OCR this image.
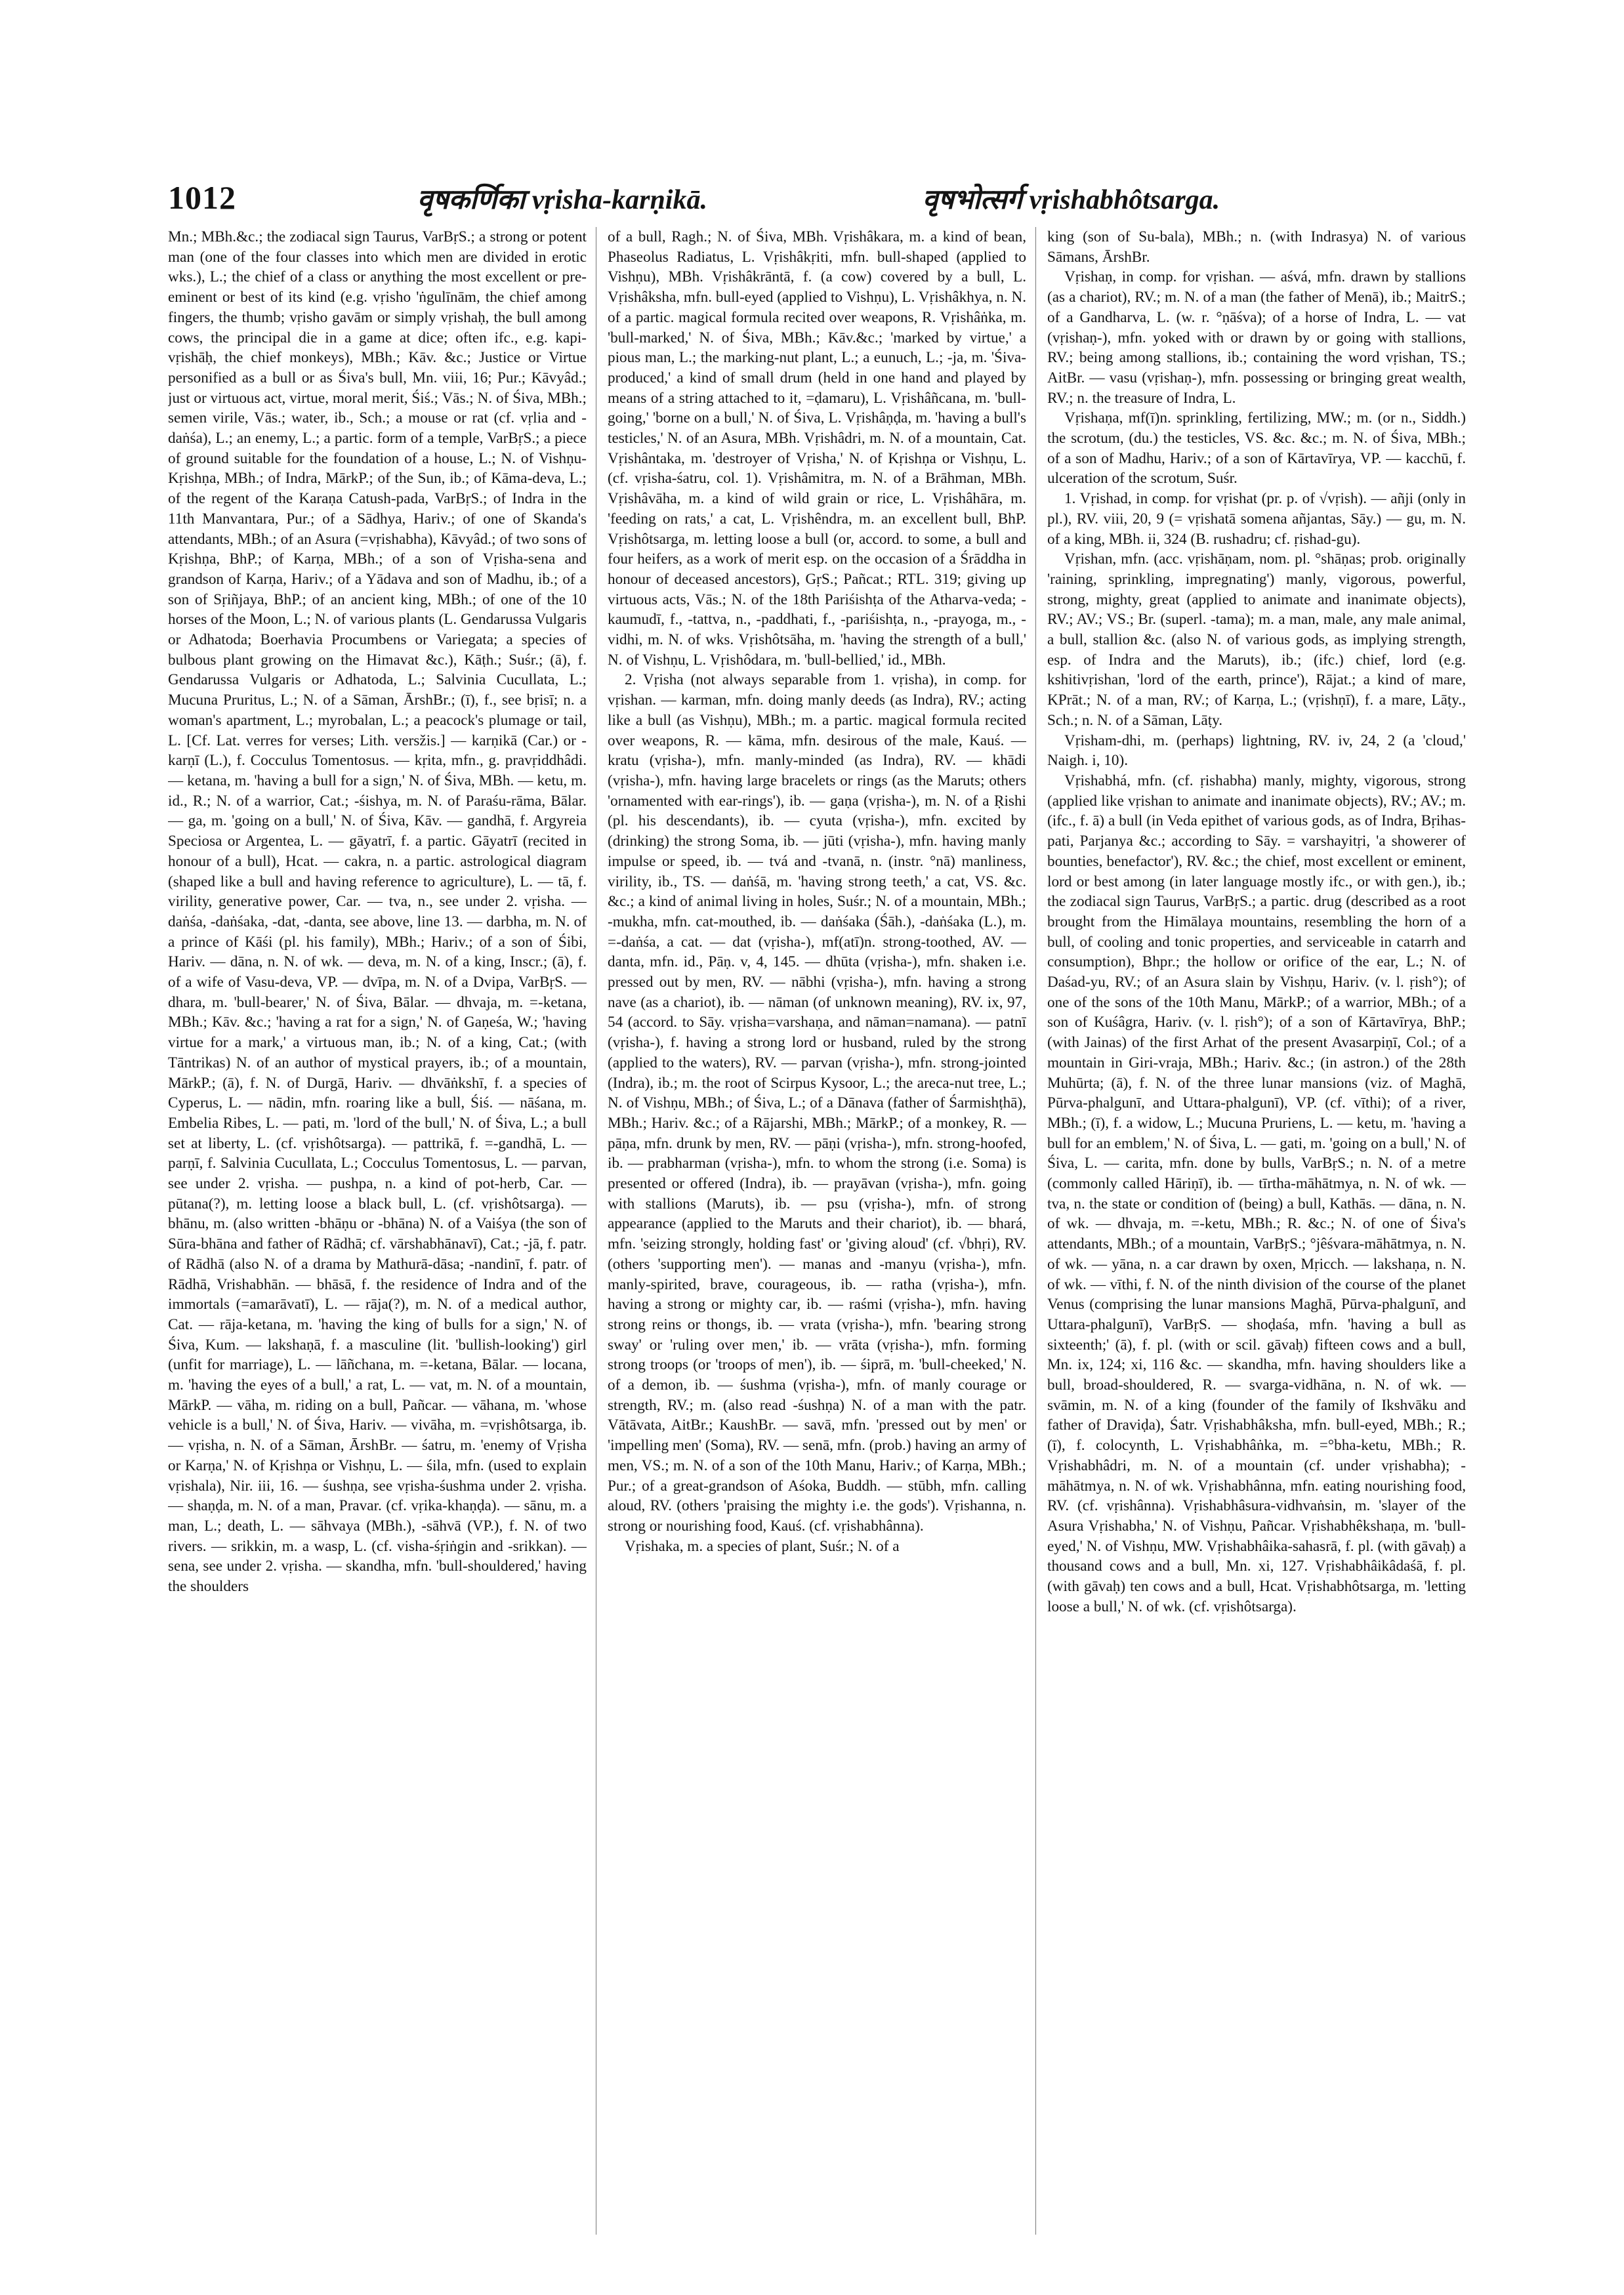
1012	वृषकर्णिका vṛisha-karṇikā.	वृषभोत्सर्ग vṛishabhôtsarga.

Mn.; MBh.&c.; the zodiacal sign Taurus, VarBṛS.; a strong or potent man (one of the four classes into which men are divided in erotic wks.), L.; the chief of a class or anything the most excellent or pre-eminent or best of its kind (e.g. vṛisho 'ṅgulīnām, the chief among fingers, the thumb; vṛisho gavām or simply vṛishaḥ, the bull among cows, the principal die in a game at dice; often ifc., e.g. kapi-vṛishāḥ, the chief monkeys), MBh.; Kāv. &c.; Justice or Virtue personified as a bull or as Śiva's bull, Mn. viii, 16; Pur.; Kāvyâd.; just or virtuous act, virtue, moral merit, Śiś.; Vās.; N. of Śiva, MBh.; semen virile, Vās.; water, ib., Sch.; a mouse or rat (cf. vṛlia and -daṅśa), L.; an enemy, L.; a partic. form of a temple, VarBṛS.; a piece of ground suitable for the foundation of a house, L.; N. of Vishṇu-Kṛishṇa, MBh.; of Indra, MārkP.; of the Sun, ib.; of Kāma-deva, L.; of the regent of the Karaṇa Catush-pada, VarBṛS.; of Indra in the 11th Manvantara, Pur.; of a Sādhya, Hariv.; of one of Skanda's attendants, MBh.; of an Asura (=vṛishabha), Kāvyâd.; of two sons of Kṛishṇa, BhP.; of Karṇa, MBh.; of a son of Vṛisha-sena and grandson of Karṇa, Hariv.; of a Yādava and son of Madhu, ib.; of a son of Sṛiñjaya, BhP.; of an ancient king, MBh.; of one of the 10 horses of the Moon, L.; N. of various plants (L. Gendarussa Vulgaris or Adhatoda; Boerhavia Procumbens or Variegata; a species of bulbous plant growing on the Himavat &c.), Kāṭh.; Suśr.; (ā), f. Gendarussa Vulgaris or Adhatoda, L.; Salvinia Cucullata, L.; Mucuna Pruritus, L.; N. of a Sāman, ĀrshBr.; (ī), f., see bṛisī; n. a woman's apartment, L.; myrobalan, L.; a peacock's plumage or tail, L. [Cf. Lat. verres for verses; Lith. versžis.] — karṇikā (Car.) or -karṇī (L.), f. Cocculus Tomentosus. — kṛita, mfn., g. pravṛiddhâdi. — ketana, m. 'having a bull for a sign,' N. of Śiva, MBh. — ketu, m. id., R.; N. of a warrior, Cat.; -śishya, m. N. of Paraśu-rāma, Bālar. — ga, m. 'going on a bull,' N. of Śiva, Kāv. — gandhā, f. Argyreia Speciosa or Argentea, L. — gāyatrī, f. a partic. Gāyatrī (recited in honour of a bull), Hcat. — cakra, n. a partic. astrological diagram (shaped like a bull and having reference to agriculture), L. — tā, f. virility, generative power, Car. — tva, n., see under 2. vṛisha. — daṅśa, -daṅśaka, -dat, -danta, see above, line 13. — darbha, m. N. of a prince of Kāśi (pl. his family), MBh.; Hariv.; of a son of Śibi, Hariv. — dāna, n. N. of wk. — deva, m. N. of a king, Inscr.; (ā), f. of a wife of Vasu-deva, VP. — dvīpa, m. N. of a Dvipa, VarBṛS. — dhara, m. 'bull-bearer,' N. of Śiva, Bālar. — dhvaja, m. =-ketana, MBh.; Kāv. &c.; 'having a rat for a sign,' N. of Gaṇeśa, W.; 'having virtue for a mark,' a virtuous man, ib.; N. of a king, Cat.; (with Tāntrikas) N. of an author of mystical prayers, ib.; of a mountain, MārkP.; (ā), f. N. of Durgā, Hariv. — dhvāṅkshī, f. a species of Cyperus, L. — nādin, mfn. roaring like a bull, Śiś. — nāśana, m. Embelia Ribes, L. — pati, m. 'lord of the bull,' N. of Śiva, L.; a bull set at liberty, L. (cf. vṛishôtsarga). — pattrikā, f. =-gandhā, L. — parṇī, f. Salvinia Cucullata, L.; Cocculus Tomentosus, L. — parvan, see under 2. vṛisha. — pushpa, n. a kind of pot-herb, Car. — pūtana(?), m. letting loose a black bull, L. (cf. vṛishôtsarga). — bhānu, m. (also written -bhāṇu or -bhāna) N. of a Vaiśya (the son of Sūra-bhāna and father of Rādhā; cf. vārshabhānavī), Cat.; -jā, f. patr. of Rādhā (also N. of a drama by Mathurā-dāsa; -nandinī, f. patr. of Rādhā, Vrishabhān. — bhāsā, f. the residence of Indra and of the immortals (=amarāvatī), L. — rāja(?), m. N. of a medical author, Cat. — rāja-ketana, m. 'having the king of bulls for a sign,' N. of Śiva, Kum. — lakshaṇā, f. a masculine (lit. 'bullish-looking') girl (unfit for marriage), L. — lāñchana, m. =-ketana, Bālar. — locana, m. 'having the eyes of a bull,' a rat, L. — vat, m. N. of a mountain, MārkP. — vāha, m. riding on a bull, Pañcar. — vāhana, m. 'whose vehicle is a bull,' N. of Śiva, Hariv. — vivāha, m. =vṛishôtsarga, ib. — vṛisha, n. N. of a Sāman, ĀrshBr. — śatru, m. 'enemy of Vṛisha or Karṇa,' N. of Kṛishṇa or Vishṇu, L. — śila, mfn. (used to explain vṛishala), Nir. iii, 16. — śushṇa, see vṛisha-śushma under 2. vṛisha. — shaṇḍa, m. N. of a man, Pravar. (cf. vṛika-khaṇḍa). — sānu, m. a man, L.; death, L. — sāhvaya (MBh.), -sāhvā (VP.), f. N. of two rivers. — srikkin, m. a wasp, L. (cf. visha-śṛiṅgin and -srikkan). — sena, see under 2. vṛisha. — skandha, mfn. 'bull-shouldered,' having the shoulders

of a bull, Ragh.; N. of Śiva, MBh. Vṛishâkara, m. a kind of bean, Phaseolus Radiatus, L. Vṛishâkṛiti, mfn. bull-shaped (applied to Vishṇu), MBh. Vṛishâkrāntā, f. (a cow) covered by a bull, L. Vṛishâksha, mfn. bull-eyed (applied to Vishṇu), L. Vṛishâkhya, n. N. of a partic. magical formula recited over weapons, R. Vṛishâṅka, m. 'bull-marked,' N. of Śiva, MBh.; Kāv.&c.; 'marked by virtue,' a pious man, L.; the marking-nut plant, L.; a eunuch, L.; -ja, m. 'Śiva-produced,' a kind of small drum (held in one hand and played by means of a string attached to it, =ḍamaru), L. Vṛishâñcana, m. 'bull-going,' 'borne on a bull,' N. of Śiva, L. Vṛishâṇḍa, m. 'having a bull's testicles,' N. of an Asura, MBh. Vṛishâdri, m. N. of a mountain, Cat. Vṛishântaka, m. 'destroyer of Vṛisha,' N. of Kṛishṇa or Vishṇu, L. (cf. vṛisha-śatru, col. 1). Vṛishâmitra, m. N. of a Brāhman, MBh. Vṛishâvāha, m. a kind of wild grain or rice, L. Vṛishâhāra, m. 'feeding on rats,' a cat, L. Vṛishêndra, m. an excellent bull, BhP. Vṛishôtsarga, m. letting loose a bull (or, accord. to some, a bull and four heifers, as a work of merit esp. on the occasion of a Śrāddha in honour of deceased ancestors), GṛS.; Pañcat.; RTL. 319; giving up virtuous acts, Vās.; N. of the 18th Pariśishṭa of the Atharva-veda; -kaumudī, f., -tattva, n., -paddhati, f., -pariśishṭa, n., -prayoga, m., -vidhi, m. N. of wks. Vṛishôtsāha, m. 'having the strength of a bull,' N. of Vishṇu, L. Vṛishôdara, m. 'bull-bellied,' id., MBh.

2. Vṛisha (not always separable from 1. vṛisha), in comp. for vṛishan. — karman, mfn. doing manly deeds (as Indra), RV.; acting like a bull (as Vishṇu), MBh.; m. a partic. magical formula recited over weapons, R. — kāma, mfn. desirous of the male, Kauś. — kratu (vṛisha-), mfn. manly-minded (as Indra), RV. — khādi (vṛisha-), mfn. having large bracelets or rings (as the Maruts; others 'ornamented with ear-rings'), ib. — gaṇa (vṛisha-), m. N. of a Ṛishi (pl. his descendants), ib. — cyuta (vṛisha-), mfn. excited by (drinking) the strong Soma, ib. — jūti (vṛisha-), mfn. having manly impulse or speed, ib. — tvá and -tvanā, n. (instr. °nā) manliness, virility, ib., TS. — daṅśā, m. 'having strong teeth,' a cat, VS. &c. &c.; a kind of animal living in holes, Suśr.; N. of a mountain, MBh.; -mukha, mfn. cat-mouthed, ib. — daṅśaka (Śāh.), -daṅśaka (L.), m. =-daṅśa, a cat. — dat (vṛisha-), mf(atī)n. strong-toothed, AV. — danta, mfn. id., Pāṇ. v, 4, 145. — dhūta (vṛisha-), mfn. shaken i.e. pressed out by men, RV. — nābhi (vṛisha-), mfn. having a strong nave (as a chariot), ib. — nāman (of unknown meaning), RV. ix, 97, 54 (accord. to Sāy. vṛisha=varshaṇa, and nāman=namana). — patnī (vṛisha-), f. having a strong lord or husband, ruled by the strong (applied to the waters), RV. — parvan (vṛisha-), mfn. strong-jointed (Indra), ib.; m. the root of Scirpus Kysoor, L.; the areca-nut tree, L.; N. of Vishṇu, MBh.; of Śiva, L.; of a Dānava (father of Śarmishṭhā), MBh.; Hariv. &c.; of a Rājarshi, MBh.; MārkP.; of a monkey, R. — pāṇa, mfn. drunk by men, RV. — pāṇi (vṛisha-), mfn. strong-hoofed, ib. — prabharman (vṛisha-), mfn. to whom the strong (i.e. Soma) is presented or offered (Indra), ib. — prayāvan (vṛisha-), mfn. going with stallions (Maruts), ib. — psu (vṛisha-), mfn. of strong appearance (applied to the Maruts and their chariot), ib. — bhará, mfn. 'seizing strongly, holding fast' or 'giving aloud' (cf. √bhṛi), RV. (others 'supporting men'). — manas and -manyu (vṛisha-), mfn. manly-spirited, brave, courageous, ib. — ratha (vṛisha-), mfn. having a strong or mighty car, ib. — raśmi (vṛisha-), mfn. having strong reins or thongs, ib. — vrata (vṛisha-), mfn. 'bearing strong sway' or 'ruling over men,' ib. — vrāta (vṛisha-), mfn. forming strong troops (or 'troops of men'), ib. — śiprā, m. 'bull-cheeked,' N. of a demon, ib. — śushma (vṛisha-), mfn. of manly courage or strength, RV.; m. (also read -śushṇa) N. of a man with the patr. Vātāvata, AitBr.; KaushBr. — savā, mfn. 'pressed out by men' or 'impelling men' (Soma), RV. — senā, mfn. (prob.) having an army of men, VS.; m. N. of a son of the 10th Manu, Hariv.; of Karṇa, MBh.; Pur.; of a great-grandson of Aśoka, Buddh. — stūbh, mfn. calling aloud, RV. (others 'praising the mighty i.e. the gods'). Vṛishanna, n. strong or nourishing food, Kauś. (cf. vṛishabhânna).

Vṛishaka, m. a species of plant, Suśr.; N. of a

king (son of Su-bala), MBh.; n. (with Indrasya) N. of various Sāmans, ĀrshBr.

Vṛishaṇ, in comp. for vṛishan. — aśvá, mfn. drawn by stallions (as a chariot), RV.; m. N. of a man (the father of Menā), ib.; MaitrS.; of a Gandharva, L. (w. r. °ṇāśva); of a horse of Indra, L. — vat (vṛishaṇ-), mfn. yoked with or drawn by or going with stallions, RV.; being among stallions, ib.; containing the word vṛishan, TS.; AitBr. — vasu (vṛishaṇ-), mfn. possessing or bringing great wealth, RV.; n. the treasure of Indra, L.

Vṛishaṇa, mf(ī)n. sprinkling, fertilizing, MW.; m. (or n., Siddh.) the scrotum, (du.) the testicles, VS. &c. &c.; m. N. of Śiva, MBh.; of a son of Madhu, Hariv.; of a son of Kārtavīrya, VP. — kacchū, f. ulceration of the scrotum, Suśr.

1. Vṛishad, in comp. for vṛishat (pr. p. of √vṛish). — añji (only in pl.), RV. viii, 20, 9 (= vṛishatā somena añjantas, Sāy.) — gu, m. N. of a king, MBh. ii, 324 (B. rushadru; cf. ṛishad-gu).

Vṛishan, mfn. (acc. vṛishāṇam, nom. pl. °shāṇas; prob. originally 'raining, sprinkling, impregnating') manly, vigorous, powerful, strong, mighty, great (applied to animate and inanimate objects), RV.; AV.; VS.; Br. (superl. -tama); m. a man, male, any male animal, a bull, stallion &c. (also N. of various gods, as implying strength, esp. of Indra and the Maruts), ib.; (ifc.) chief, lord (e.g. kshitivṛishan, 'lord of the earth, prince'), Rājat.; a kind of mare, KPrāt.; N. of a man, RV.; of Karṇa, L.; (vṛishṇī), f. a mare, Lāṭy., Sch.; n. N. of a Sāman, Lāṭy.

Vṛisham-dhi, m. (perhaps) lightning, RV. iv, 24, 2 (a 'cloud,' Naigh. i, 10).

Vṛishabhá, mfn. (cf. ṛishabha) manly, mighty, vigorous, strong (applied like vṛishan to animate and inanimate objects), RV.; AV.; m. (ifc., f. ā) a bull (in Veda epithet of various gods, as of Indra, Bṛihas-pati, Parjanya &c.; according to Sāy. = varshayitṛi, 'a showerer of bounties, benefactor'), RV. &c.; the chief, most excellent or eminent, lord or best among (in later language mostly ifc., or with gen.), ib.; the zodiacal sign Taurus, VarBṛS.; a partic. drug (described as a root brought from the Himālaya mountains, resembling the horn of a bull, of cooling and tonic properties, and serviceable in catarrh and consumption), Bhpr.; the hollow or orifice of the ear, L.; N. of Daśad-yu, RV.; of an Asura slain by Vishṇu, Hariv. (v. l. ṛish°); of one of the sons of the 10th Manu, MārkP.; of a warrior, MBh.; of a son of Kuśâgra, Hariv. (v. l. ṛish°); of a son of Kārtavīrya, BhP.; (with Jainas) of the first Arhat of the present Avasarpiṇī, Col.; of a mountain in Giri-vraja, MBh.; Hariv. &c.; (in astron.) of the 28th Muhūrta; (ā), f. N. of the three lunar mansions (viz. of Maghā, Pūrva-phalgunī, and Uttara-phalgunī), VP. (cf. vīthi); of a river, MBh.; (ī), f. a widow, L.; Mucuna Pruriens, L. — ketu, m. 'having a bull for an emblem,' N. of Śiva, L. — gati, m. 'going on a bull,' N. of Śiva, L. — carita, mfn. done by bulls, VarBṛS.; n. N. of a metre (commonly called Hāriṇī), ib. — tīrtha-māhātmya, n. N. of wk. — tva, n. the state or condition of (being) a bull, Kathās. — dāna, n. N. of wk. — dhvaja, m. =-ketu, MBh.; R. &c.; N. of one of Śiva's attendants, MBh.; of a mountain, VarBṛS.; °jêśvara-māhātmya, n. N. of wk. — yāna, n. a car drawn by oxen, Mṛicch. — lakshaṇa, n. N. of wk. — vīthi, f. N. of the ninth division of the course of the planet Venus (comprising the lunar mansions Maghā, Pūrva-phalgunī, and Uttara-phalgunī), VarBṛS. — shoḍaśa, mfn. 'having a bull as sixteenth;' (ā), f. pl. (with or scil. gāvaḥ) fifteen cows and a bull, Mn. ix, 124; xi, 116 &c. — skandha, mfn. having shoulders like a bull, broad-shouldered, R. — svarga-vidhāna, n. N. of wk. — svāmin, m. N. of a king (founder of the family of Ikshvāku and father of Draviḍa), Śatr. Vṛishabhâksha, mfn. bull-eyed, MBh.; R.; (ī), f. colocynth, L. Vṛishabhâṅka, m. =°bha-ketu, MBh.; R. Vṛishabhâdri, m. N. of a mountain (cf. under vṛishabha); -māhātmya, n. N. of wk. Vṛishabhânna, mfn. eating nourishing food, RV. (cf. vṛishânna). Vṛishabhâsura-vidhvaṅsin, m. 'slayer of the Asura Vṛishabha,' N. of Vishṇu, Pañcar. Vṛishabhêkshaṇa, m. 'bull-eyed,' N. of Vishṇu, MW. Vṛishabhâika-sahasrā, f. pl. (with gāvaḥ) a thousand cows and a bull, Mn. xi, 127. Vṛishabhâikâdaśā, f. pl. (with gāvaḥ) ten cows and a bull, Hcat. Vṛishabhôtsarga, m. 'letting loose a bull,' N. of wk. (cf. vṛishôtsarga).
